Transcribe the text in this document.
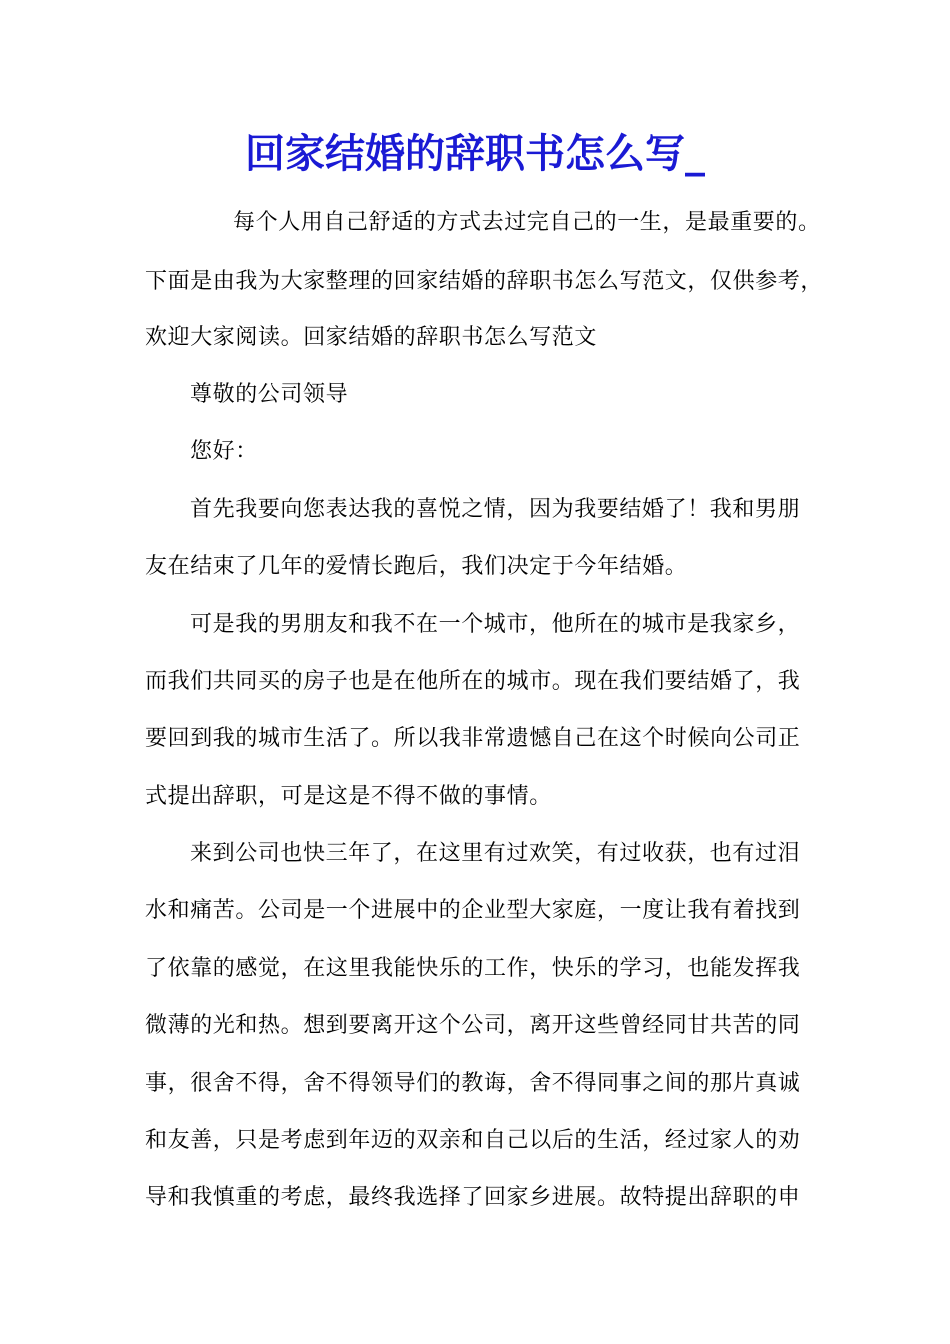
回家结婚的辞职书怎么写_
每个人用自己舒适的方式去过完自己的一生，是最重要的。
下面是由我为大家整理的回家结婚的辞职书怎么写范文，仅供参考，
欢迎大家阅读。回家结婚的辞职书怎么写范文
尊敬的公司领导
您好：
首先我要向您表达我的喜悦之情，因为我要结婚了！我和男朋
友在结束了几年的爱情长跑后，我们决定于今年结婚。
可是我的男朋友和我不在一个城市，他所在的城市是我家乡，
而我们共同买的房子也是在他所在的城市。现在我们要结婚了，我
要回到我的城市生活了。所以我非常遗憾自己在这个时候向公司正
式提出辞职，可是这是不得不做的事情。
来到公司也快三年了，在这里有过欢笑，有过收获，也有过泪
水和痛苦。公司是一个进展中的企业型大家庭，一度让我有着找到
了依靠的感觉，在这里我能快乐的工作，快乐的学习，也能发挥我
微薄的光和热。想到要离开这个公司，离开这些曾经同甘共苦的同
事，很舍不得，舍不得领导们的教诲，舍不得同事之间的那片真诚
和友善，只是考虑到年迈的双亲和自己以后的生活，经过家人的劝
导和我慎重的考虑，最终我选择了回家乡进展。故特提出辞职的申
